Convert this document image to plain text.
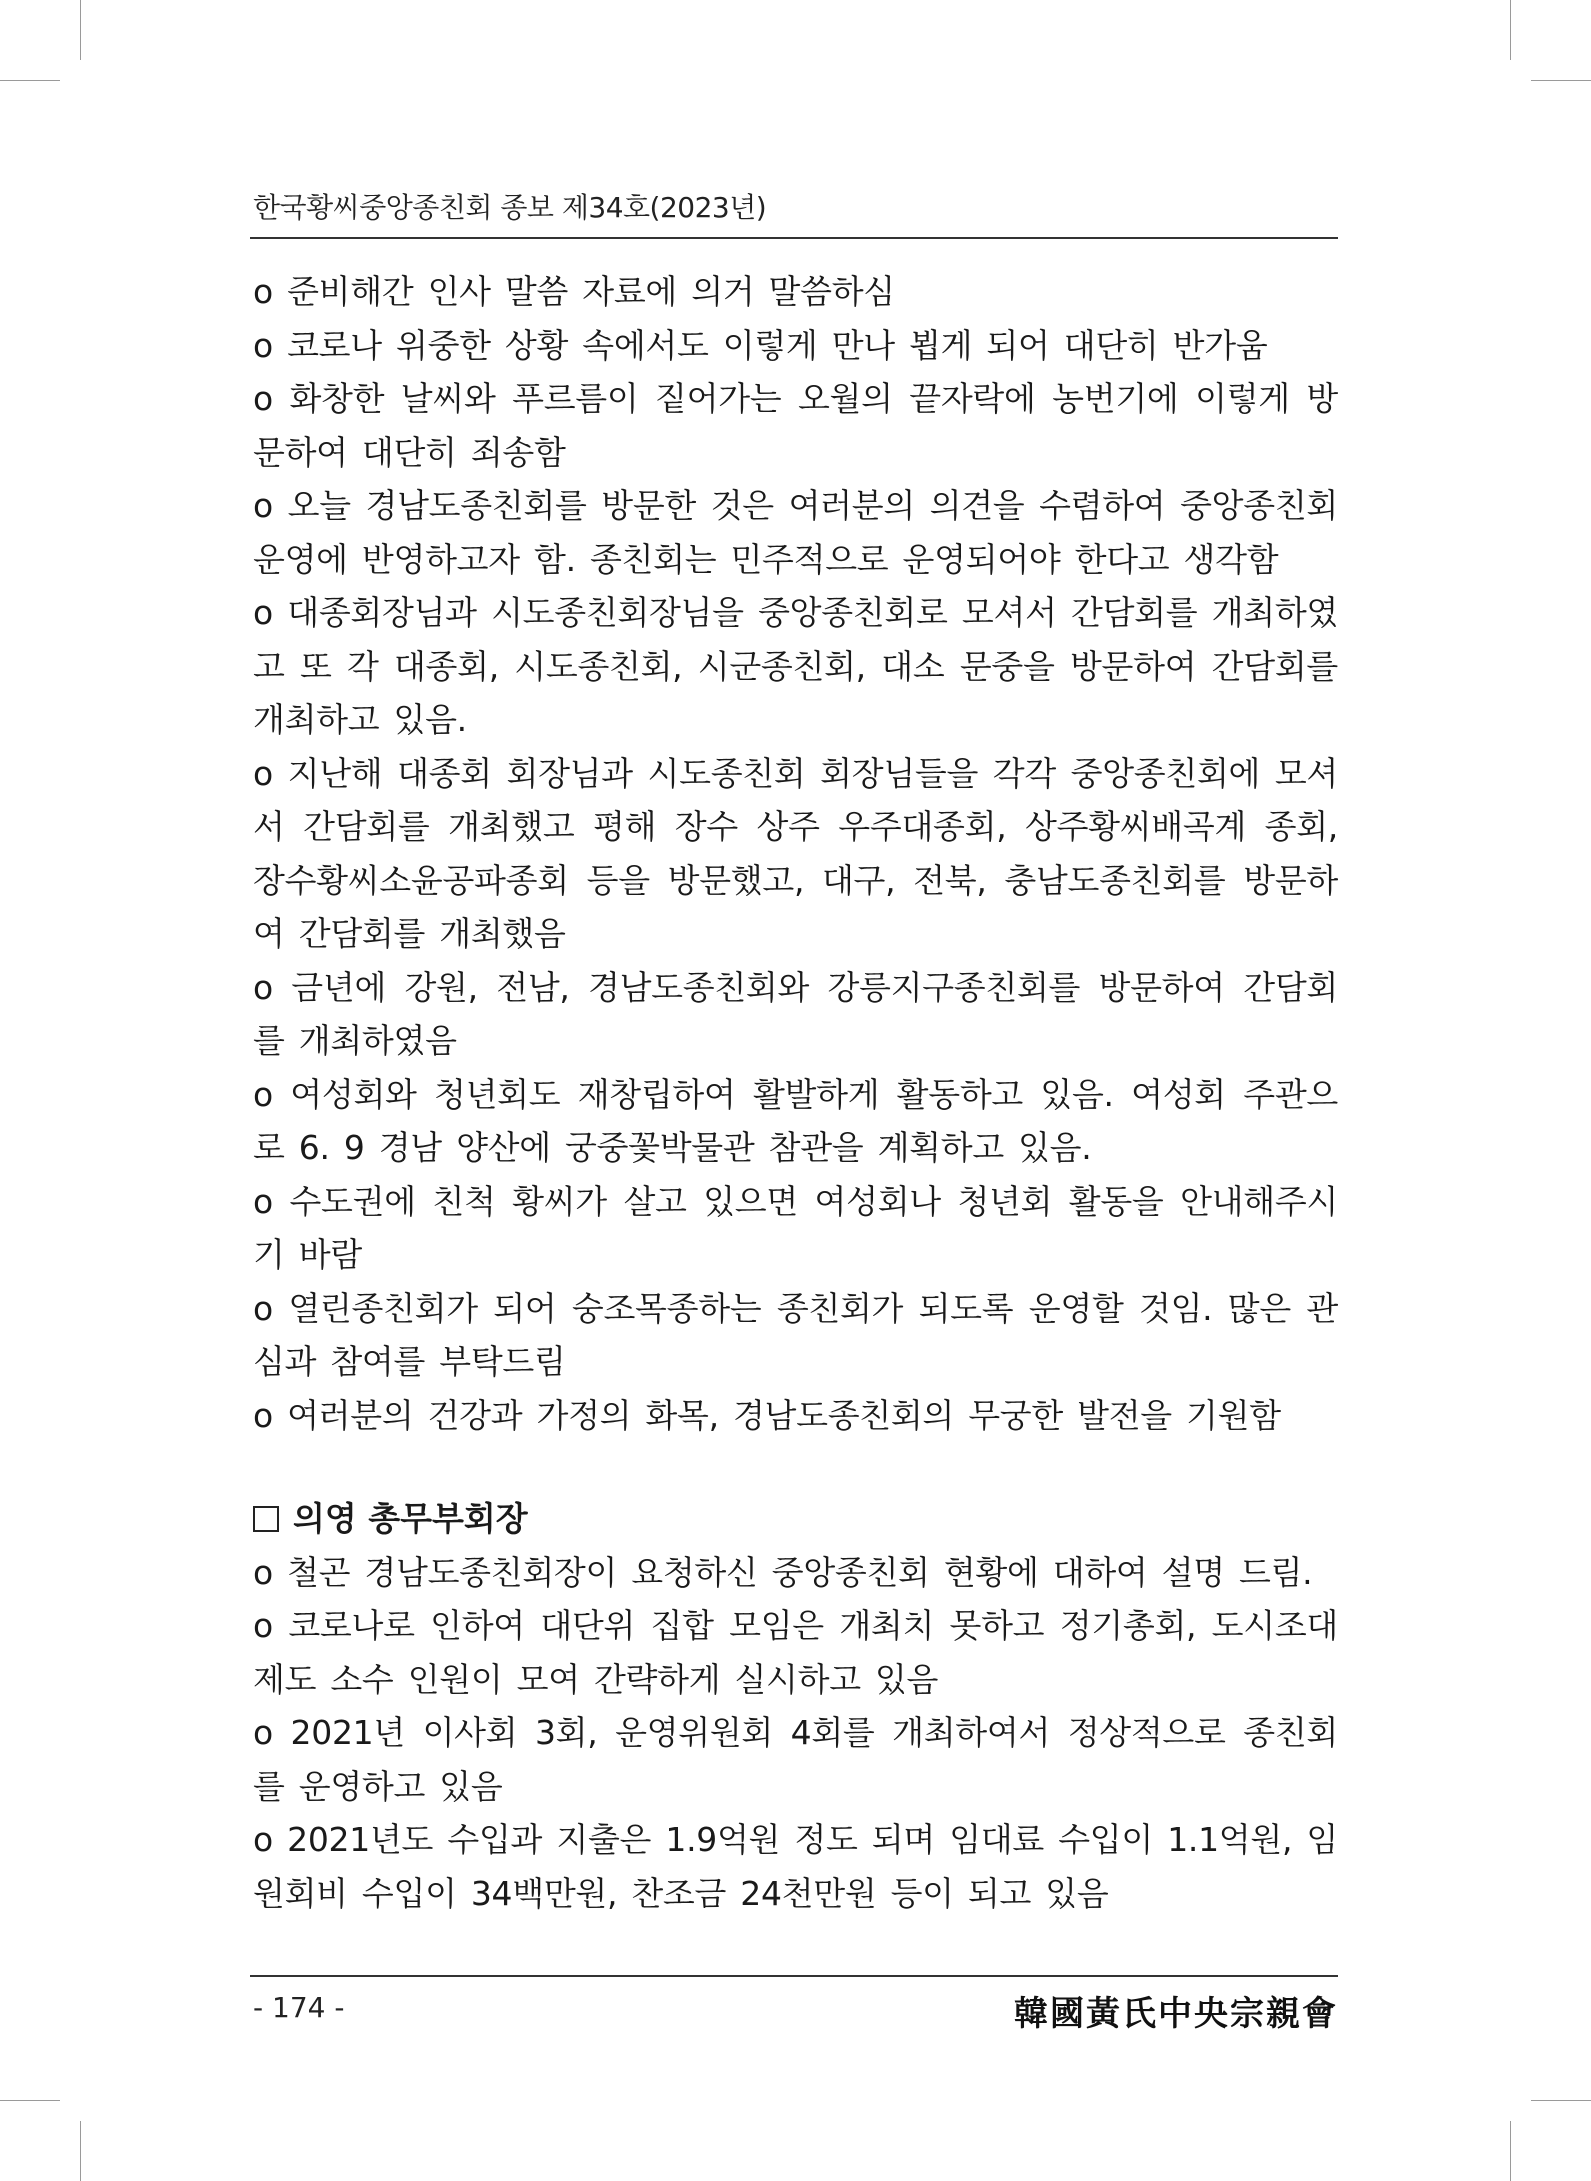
한국황씨중앙종친회 종보 제34호(2023년)

o 준비해간 인사 말씀 자료에 의거 말씀하심

o 코로나 위중한 상황 속에서도 이렇게 만나 뵙게 되어 대단히 반가움

o 화창한 날씨와 푸르름이 짙어가는 오월의 끝자락에 농번기에 이렇게 방문하여 대단히 죄송함

o 오늘 경남도종친회를 방문한 것은 여러분의 의견을 수렴하여 중앙종친회 운영에 반영하고자 함. 종친회는 민주적으로 운영되어야 한다고 생각함

o 대종회장님과 시도종친회장님을 중앙종친회로 모셔서 간담회를 개최하였고 또 각 대종회, 시도종친회, 시군종친회, 대소 문중을 방문하여 간담회를 개최하고 있음.

o 지난해 대종회 회장님과 시도종친회 회장님들을 각각 중앙종친회에 모셔서 간담회를 개최했고 평해 장수 상주 우주대종회, 상주황씨배곡계 종회, 장수황씨소윤공파종회 등을 방문했고, 대구, 전북, 충남도종친회를 방문하여 간담회를 개최했음

o 금년에 강원, 전남, 경남도종친회와 강릉지구종친회를 방문하여 간담회를 개최하였음

o 여성회와 청년회도 재창립하여 활발하게 활동하고 있음. 여성회 주관으로 6. 9 경남 양산에 궁중꽃박물관 참관을 계획하고 있음.

o 수도권에 친척 황씨가 살고 있으면 여성회나 청년회 활동을 안내해주시기 바람

o 열린종친회가 되어 숭조목종하는 종친회가 되도록 운영할 것임. 많은 관심과 참여를 부탁드림

o 여러분의 건강과 가정의 화목, 경남도종친회의 무궁한 발전을 기원함

의영 총무부회장

o 철곤 경남도종친회장이 요청하신 중앙종친회 현황에 대하여 설명 드림.

o 코로나로 인하여 대단위 집합 모임은 개최치 못하고 정기총회, 도시조대제도 소수 인원이 모여 간략하게 실시하고 있음

o 2021년 이사회 3회, 운영위원회 4회를 개최하여서 정상적으로 종친회를 운영하고 있음

o 2021년도 수입과 지출은 1.9억원 정도 되며 임대료 수입이 1.1억원, 임원회비 수입이 34백만원, 찬조금 24천만원 등이 되고 있음

- 174 -	韓國黃氏中央宗親會
